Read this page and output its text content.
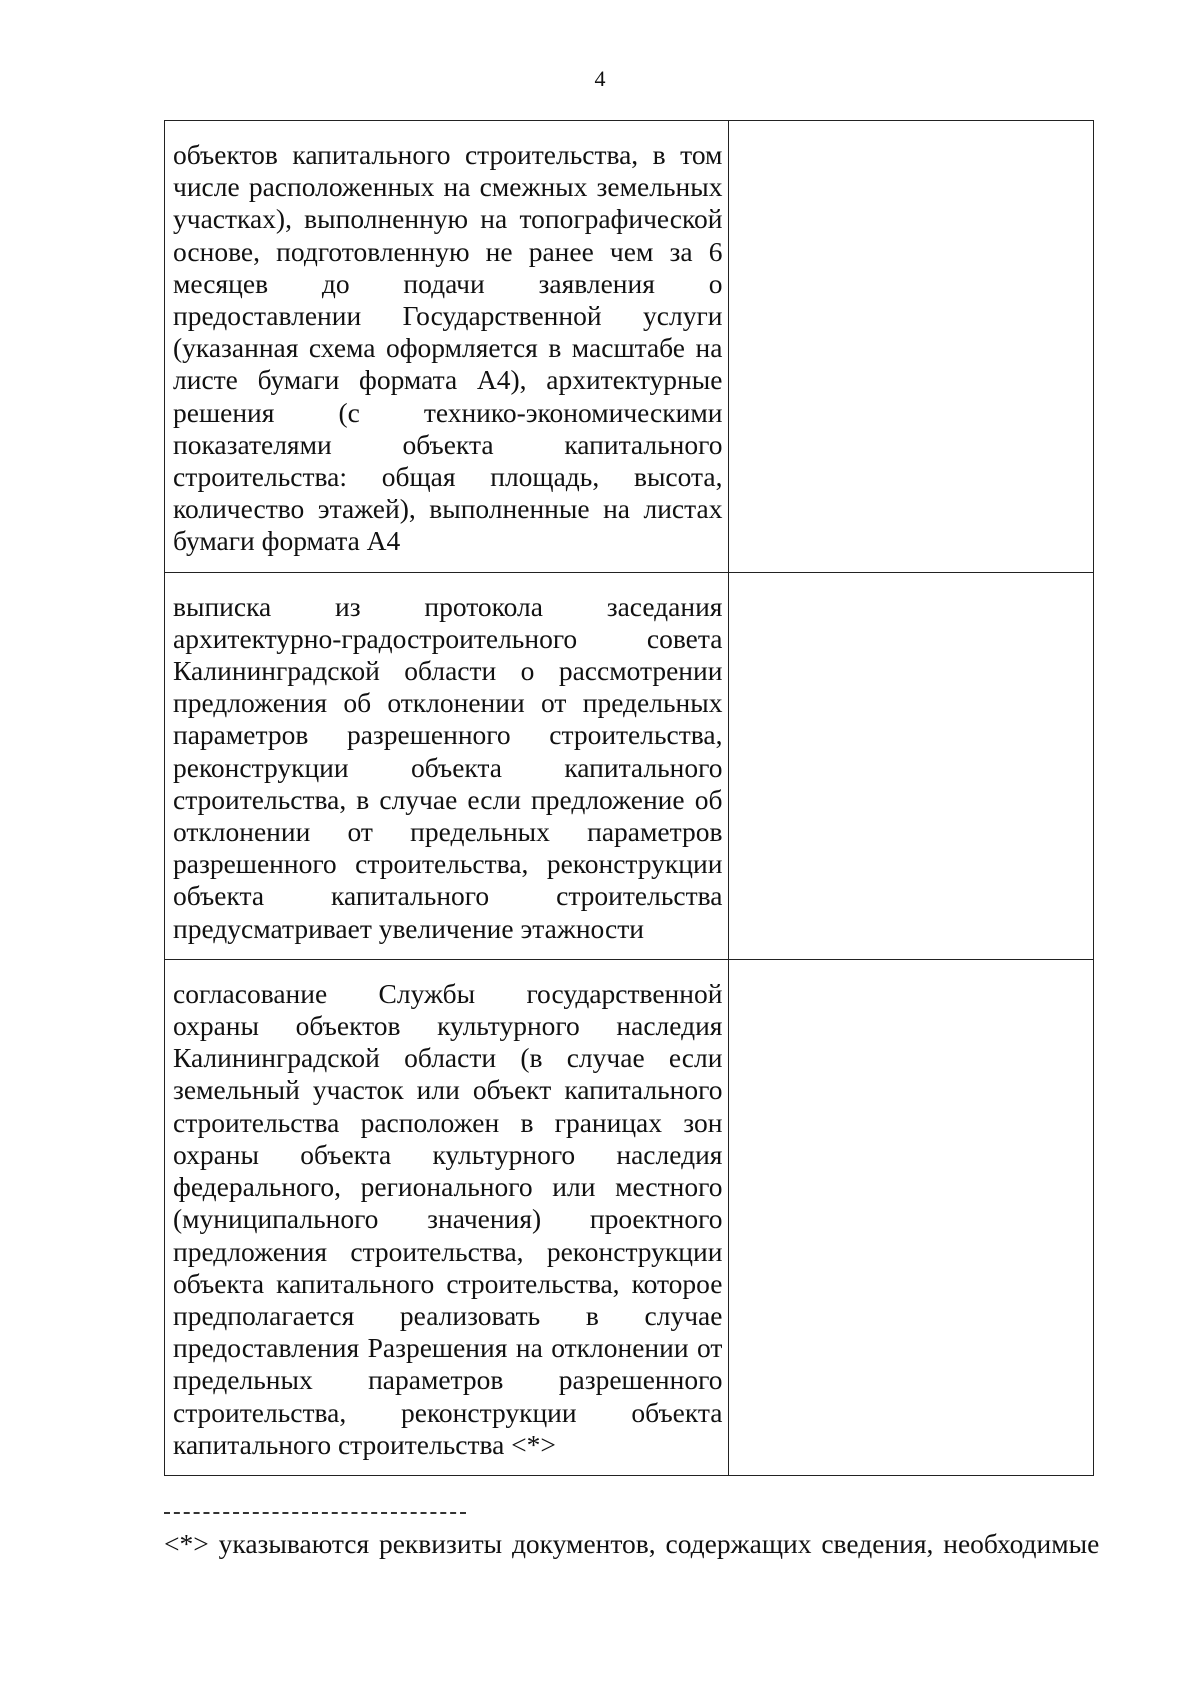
4
объектов капитального строительства, в том числе расположенных на смежных земельных участках), выполненную на топографической основе, подготовленную не ранее чем за 6 месяцев до подачи заявления о предоставлении Государственной услуги (указанная схема оформляется в масштабе на листе бумаги формата А4), архитектурные решения (с технико-экономическими показателями объекта капитального строительства: общая площадь, высота, количество этажей), выполненные на листах бумаги формата А4	
выписка из протокола заседания архитектурно-градостроительного совета Калининградской области о рассмотрении предложения об отклонении от предельных параметров разрешенного строительства, реконструкции объекта капитального строительства, в случае если предложение об отклонении от предельных параметров разрешенного строительства, реконструкции объекта капитального строительства предусматривает увеличение этажности	
согласование Службы государственной охраны объектов культурного наследия Калининградской области (в случае если земельный участок или объект капитального строительства расположен в границах зон охраны объекта культурного наследия федерального, регионального или местного (муниципального значения) проектного предложения строительства, реконструкции объекта капитального строительства, которое предполагается реализовать в случае предоставления Разрешения на отклонении от предельных параметров разрешенного строительства, реконструкции объекта капитального строительства <*>	
<*> указываются реквизиты документов, содержащих сведения, необходимые
